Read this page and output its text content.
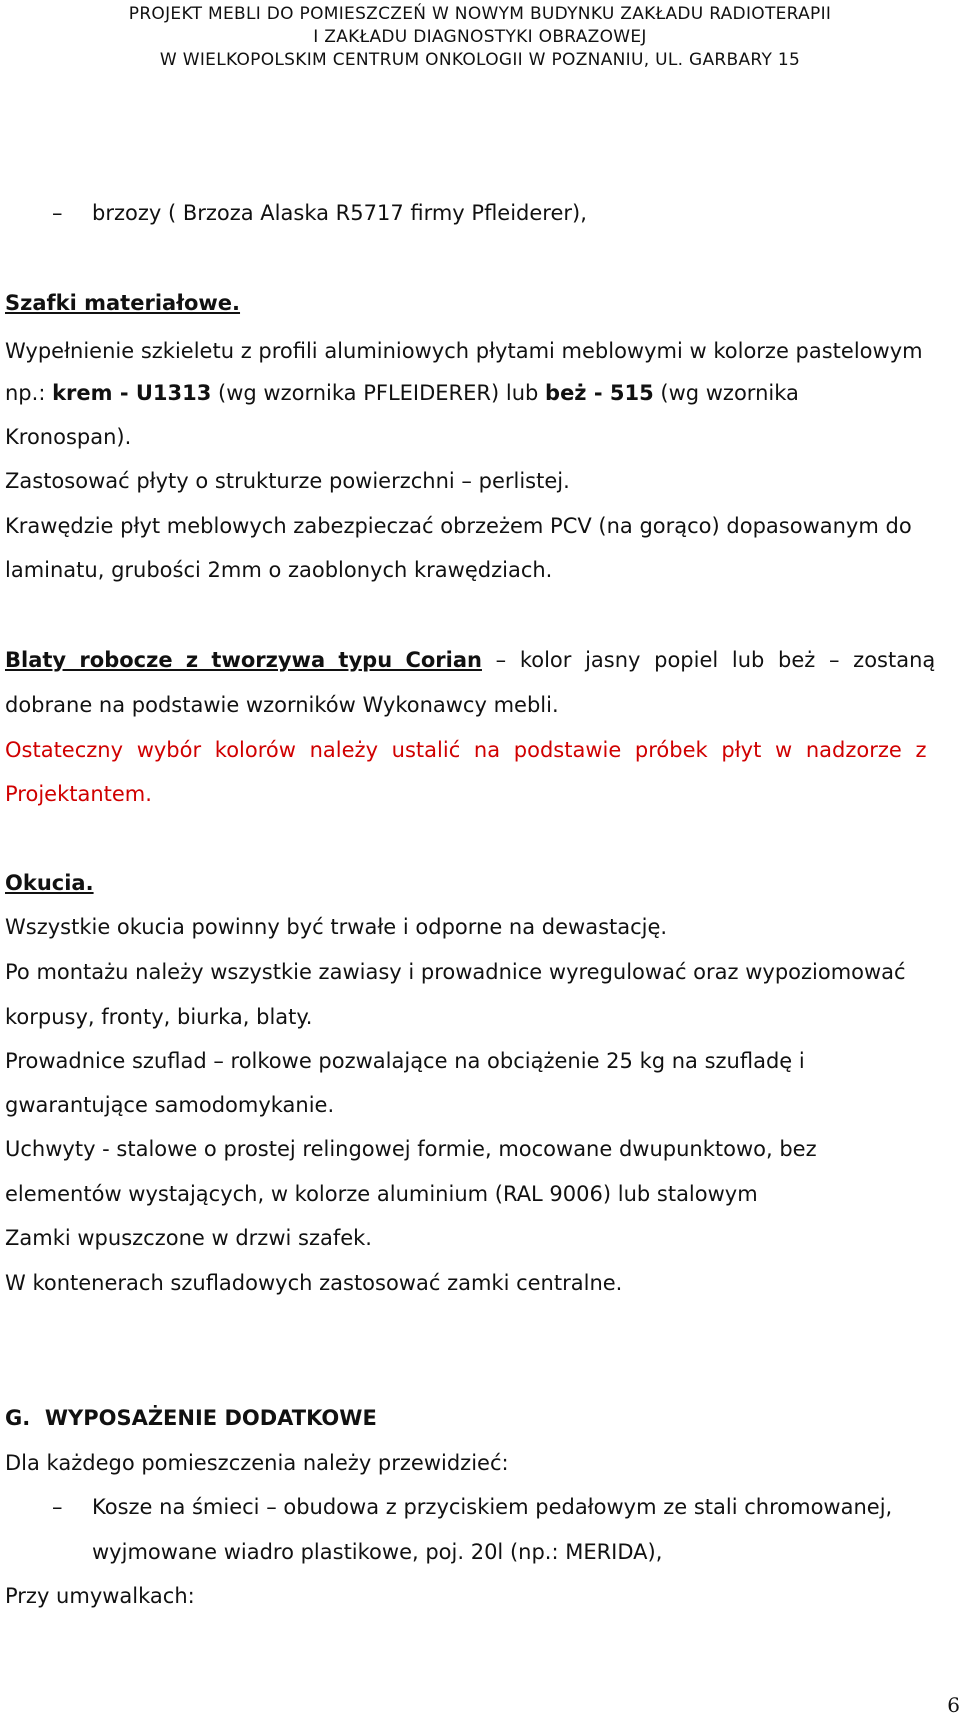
PROJEKT MEBLI DO POMIESZCZEŃ W NOWYM BUDYNKU ZAKŁADU RADIOTERAPII
I ZAKŁADU DIAGNOSTYKI OBRAZOWEJ
W WIELKOPOLSKIM CENTRUM ONKOLOGII W POZNANIU, UL. GARBARY 15
– brzozy ( Brzoza Alaska R5717 firmy Pfleiderer),
Szafki materiałowe.
Wypełnienie szkieletu z profili aluminiowych płytami meblowymi w kolorze pastelowym
np.: krem - U1313 (wg wzornika PFLEIDERER) lub beż - 515 (wg wzornika
Kronospan).
Zastosować płyty o strukturze powierzchni – perlistej.
Krawędzie płyt meblowych zabezpieczać obrzeżem PCV (na gorąco) dopasowanym do
laminatu, grubości 2mm o zaoblonych krawędziach.
Blaty robocze z tworzywa typu Corian – kolor jasny popiel lub beż – zostaną
dobrane na podstawie wzorników Wykonawcy mebli.
Ostateczny wybór kolorów należy ustalić na podstawie próbek płyt w nadzorze z
Projektantem.
Okucia.
Wszystkie okucia powinny być trwałe i odporne na dewastację.
Po montażu należy wszystkie zawiasy i prowadnice wyregulować oraz wypoziomować
korpusy, fronty, biurka, blaty.
Prowadnice szuflad – rolkowe pozwalające na obciążenie 25 kg na szufladę i
gwarantujące samodomykanie.
Uchwyty - stalowe o prostej relingowej formie, mocowane dwupunktowo, bez
elementów wystających, w kolorze aluminium (RAL 9006) lub stalowym
Zamki wpuszczone w drzwi szafek.
W kontenerach szufladowych zastosować zamki centralne.
G.  WYPOSAŻENIE DODATKOWE
Dla każdego pomieszczenia należy przewidzieć:
– Kosze na śmieci – obudowa z przyciskiem pedałowym ze stali chromowanej,
wyjmowane wiadro plastikowe, poj. 20l (np.: MERIDA),
Przy umywalkach:
6
